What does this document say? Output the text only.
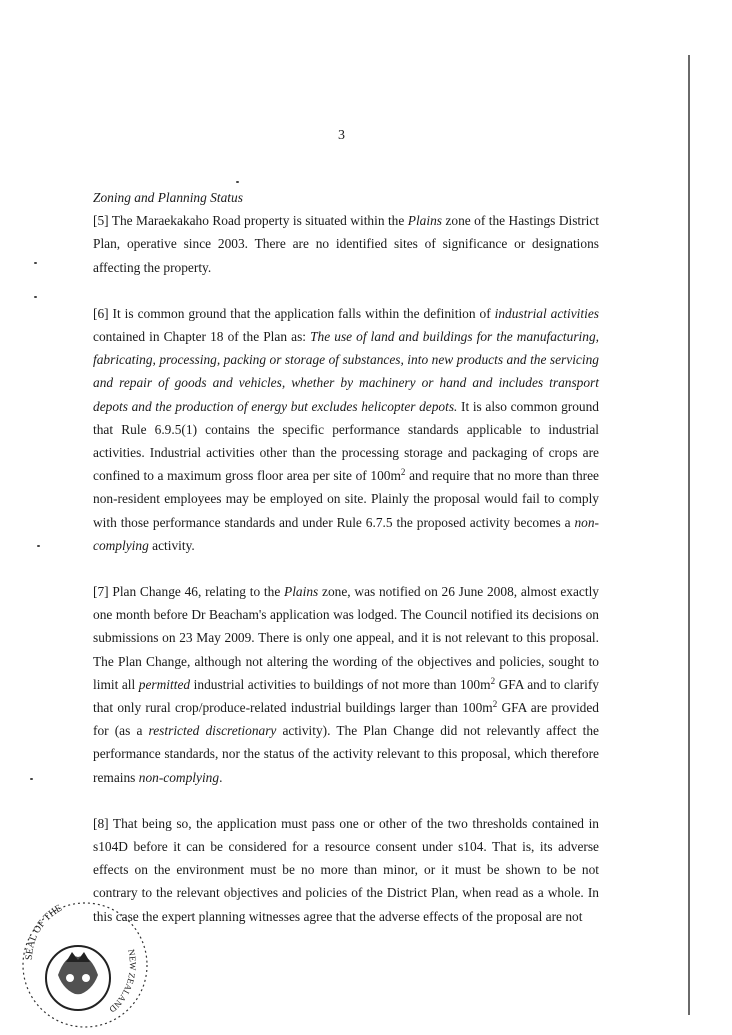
3
Zoning and Planning Status

[5] The Maraekakaho Road property is situated within the Plains zone of the Hastings District Plan, operative since 2003. There are no identified sites of significance or designations affecting the property.

[6] It is common ground that the application falls within the definition of industrial activities contained in Chapter 18 of the Plan as: The use of land and buildings for the manufacturing, fabricating, processing, packing or storage of substances, into new products and the servicing and repair of goods and vehicles, whether by machinery or hand and includes transport depots and the production of energy but excludes helicopter depots. It is also common ground that Rule 6.9.5(1) contains the specific performance standards applicable to industrial activities. Industrial activities other than the processing storage and packaging of crops are confined to a maximum gross floor area per site of $100m^2$ and require that no more than three non-resident employees may be employed on site. Plainly the proposal would fail to comply with those performance standards and under Rule 6.7.5 the proposed activity becomes a non-complying activity.

[7] Plan Change 46, relating to the Plains zone, was notified on 26 June 2008, almost exactly one month before Dr Beacham's application was lodged. The Council notified its decisions on submissions on 23 May 2009. There is only one appeal, and it is not relevant to this proposal. The Plan Change, although not altering the wording of the objectives and policies, sought to limit all permitted industrial activities to buildings of not more than $100m^2$ GFA and to clarify that only rural crop/produce-related industrial buildings larger than $100m^2$ GFA are provided for (as a restricted discretionary activity). The Plan Change did not relevantly affect the performance standards, nor the status of the activity relevant to this proposal, which therefore remains non-complying.

[8] That being so, the application must pass one or other of the two thresholds contained in s104D before it can be considered for a resource consent under s104. That is, its adverse effects on the environment must be no more than minor, or it must be shown to be not contrary to the relevant objectives and policies of the District Plan, when read as a whole. In this case the expert planning witnesses agree that the adverse effects of the proposal are not

SEAL OF THE
NEW ZEALAND
